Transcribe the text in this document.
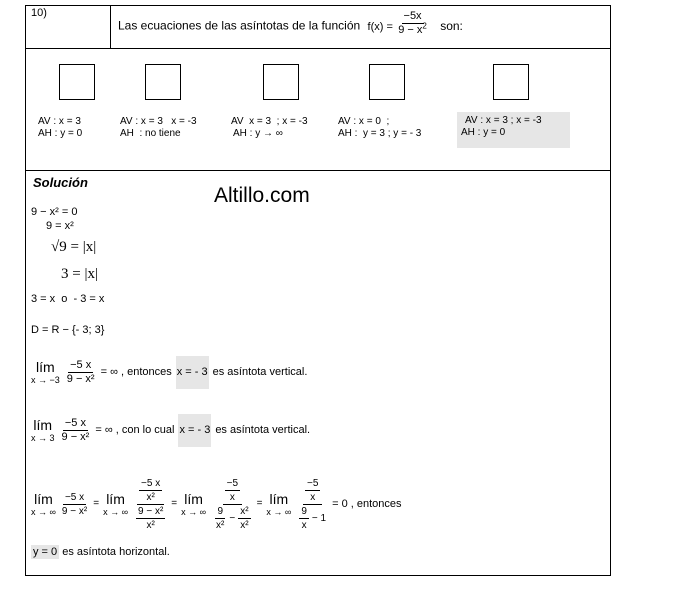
10)
Las ecuaciones de las asíntotas de la función $f(x) = \frac{-5x}{9 - x^2}$ son:
AV : x = 3
AH : y = 0
AV : x = 3   x = -3
AH  : no tiene
AV  x = 3  ; x = -3
AH : y → ∞
AV : x = 0  ;
AH :  y = 3 ; y = - 3
AV : x = 3 ; x = -3
AH : y = 0
Solución
Altillo.com
9 − x² = 0
9 = x²
√9 = |x|
3 = |x|
3 = x  o  - 3 = x
D = R − {- 3; 3}
lím
$x \to -3 \frac{-5 x}{\text{9 − x²}}$ = ∞ , entonces x = - 3 es asíntota vertical.
lím
$x \to 3 \frac{-5 x}{\text{9 − x²}}$ = ∞ , con lo cual x = - 3 es asíntota vertical.
lím
x → ∞ $\frac{-5 x}{\text{9 − x²}}$ = lím
x → ∞ $\frac{\frac{-5 x}{\text{x²}}}{\frac{\text{9 − x²}}{\text{x²}}}$ = lím
x → ∞ $\frac{\frac{-5}{x}}{\frac{9}{\text{x²}} - \frac{\text{x²}}{\text{x²}}}$ = lím
x → ∞ $\frac{\frac{-5}{x}}{\frac{9}{x} - 1} = 0$ , entonces
y = 0 es asíntota horizontal.
